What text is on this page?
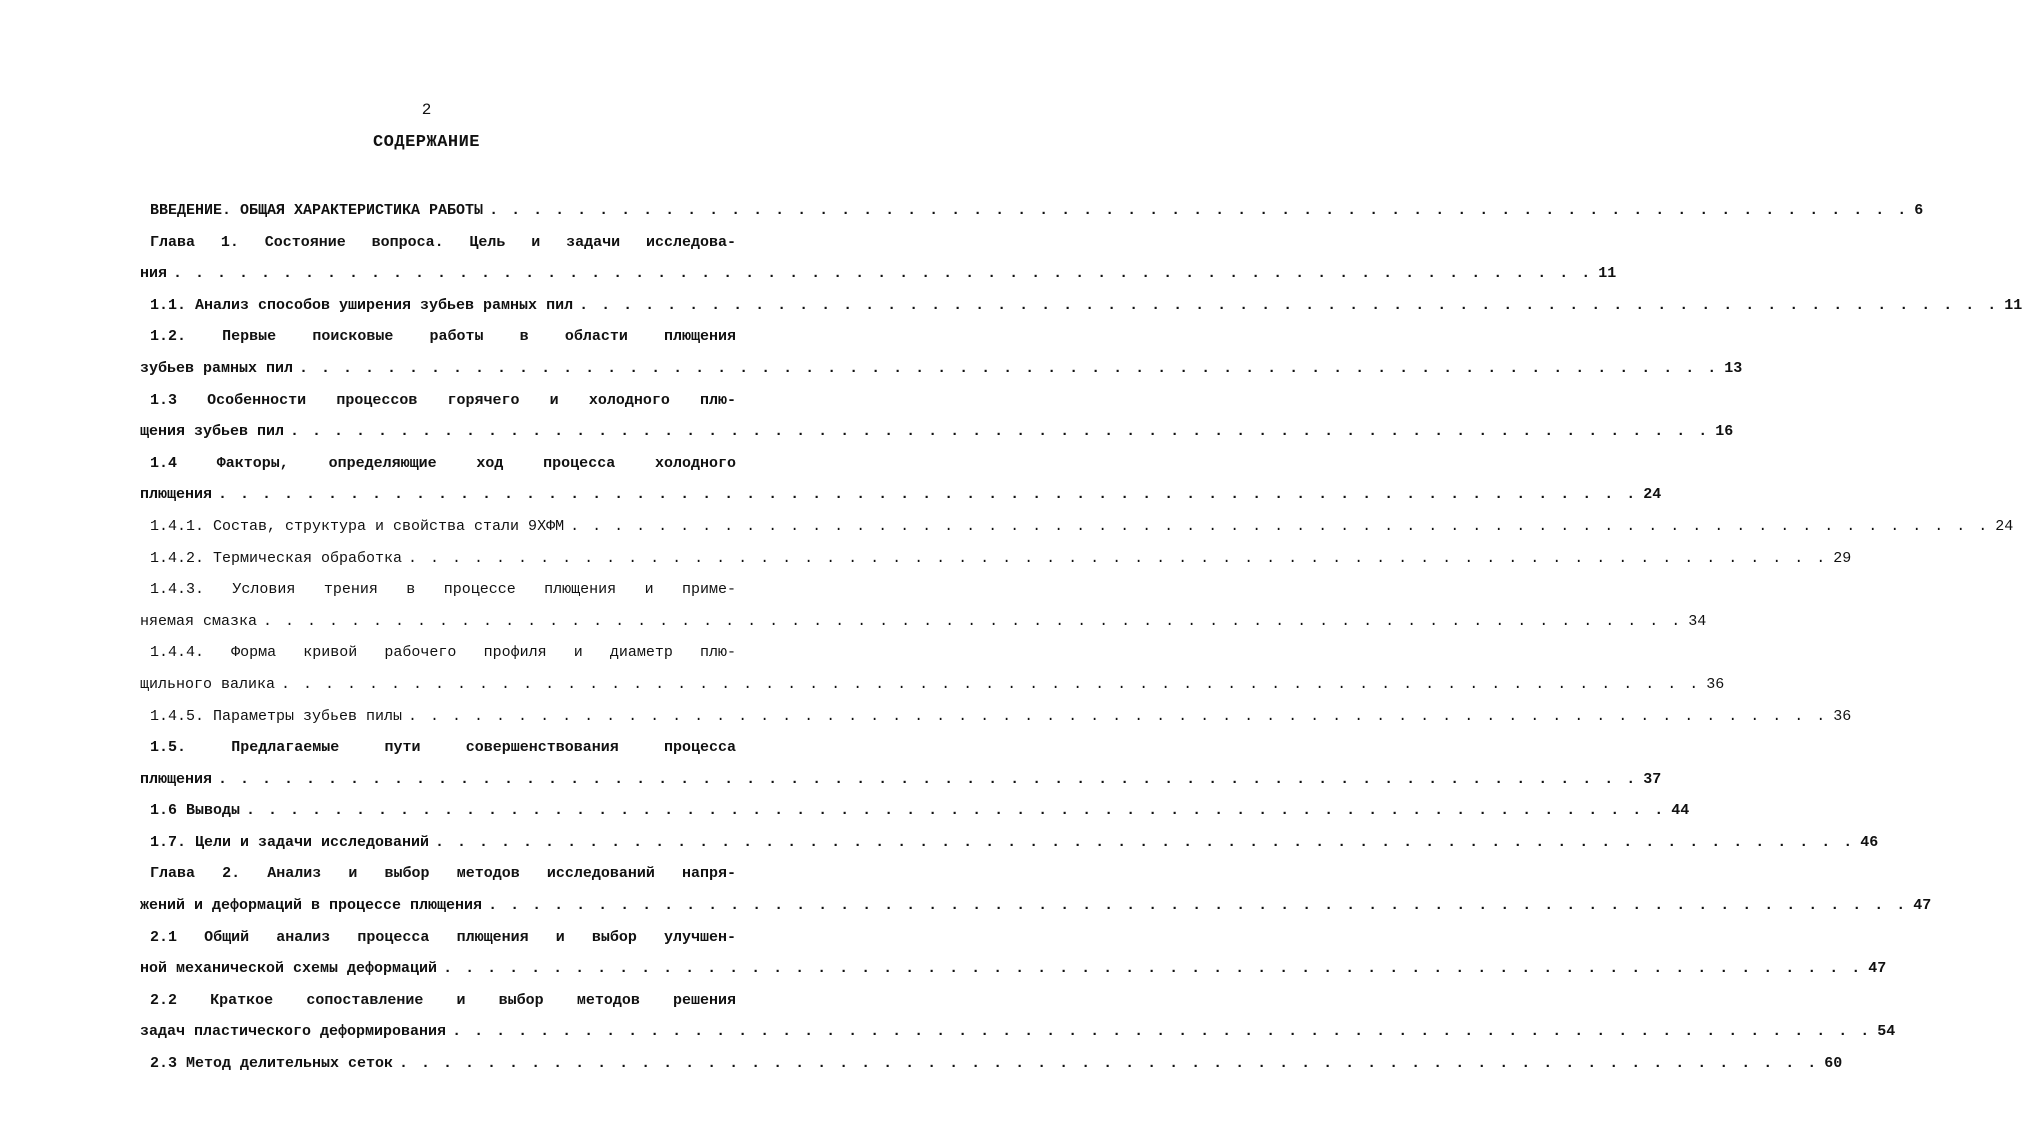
2
СОДЕРЖАНИЕ
ВВЕДЕНИЕ. ОБЩАЯ ХАРАКТЕРИСТИКА РАБОТЫ . . . . . . . . . . . . . . . . . . . . . . . . . . . . . . . . . . . . . . . . . . . . . . . . . . . . . . . . . . . . . . . . . 6
Глава 1. Состояние вопроса. Цель и задачи исследова-
ния . . . . . . . . . . . . . . . . . . . . . . . . . . . . . . . . . . . . . . . . . . . . . . . . . . . . . . . . . . . . . . . . . 11
1.1. Анализ способов уширения зубьев рамных пил . . . . . . . . . . . . . . . . . . . . . . . . . . . . . . . . . . . . . . . . . . . . . . . . . . . . . . . . . . . . . . . . . 11
1.2. Первые поисковые работы в области плющения
зубьев рамных пил . . . . . . . . . . . . . . . . . . . . . . . . . . . . . . . . . . . . . . . . . . . . . . . . . . . . . . . . . . . . . . . . . 13
1.3 Особенности процессов горячего и холодного плю-
щения зубьев пил . . . . . . . . . . . . . . . . . . . . . . . . . . . . . . . . . . . . . . . . . . . . . . . . . . . . . . . . . . . . . . . . . 16
1.4 Факторы, определяющие ход процесса холодного
плющения . . . . . . . . . . . . . . . . . . . . . . . . . . . . . . . . . . . . . . . . . . . . . . . . . . . . . . . . . . . . . . . . . 24
1.4.1. Состав, структура и свойства стали 9ХФМ . . . . . . . . . . . . . . . . . . . . . . . . . . . . . . . . . . . . . . . . . . . . . . . . . . . . . . . . . . . . . . . . . 24
1.4.2. Термическая обработка . . . . . . . . . . . . . . . . . . . . . . . . . . . . . . . . . . . . . . . . . . . . . . . . . . . . . . . . . . . . . . . . . 29
1.4.3. Условия трения в процессе плющения и приме-
няемая смазка . . . . . . . . . . . . . . . . . . . . . . . . . . . . . . . . . . . . . . . . . . . . . . . . . . . . . . . . . . . . . . . . . 34
1.4.4. Форма кривой рабочего профиля и диаметр плю-
щильного валика . . . . . . . . . . . . . . . . . . . . . . . . . . . . . . . . . . . . . . . . . . . . . . . . . . . . . . . . . . . . . . . . . 36
1.4.5. Параметры зубьев пилы . . . . . . . . . . . . . . . . . . . . . . . . . . . . . . . . . . . . . . . . . . . . . . . . . . . . . . . . . . . . . . . . . 36
1.5. Предлагаемые пути совершенствования процесса
плющения . . . . . . . . . . . . . . . . . . . . . . . . . . . . . . . . . . . . . . . . . . . . . . . . . . . . . . . . . . . . . . . . . 37
1.6 Выводы . . . . . . . . . . . . . . . . . . . . . . . . . . . . . . . . . . . . . . . . . . . . . . . . . . . . . . . . . . . . . . . . . 44
1.7. Цели и задачи исследований . . . . . . . . . . . . . . . . . . . . . . . . . . . . . . . . . . . . . . . . . . . . . . . . . . . . . . . . . . . . . . . . . 46
Глава 2. Анализ и выбор методов исследований напря-
жений и деформаций в процессе плющения . . . . . . . . . . . . . . . . . . . . . . . . . . . . . . . . . . . . . . . . . . . . . . . . . . . . . . . . . . . . . . . . . 47
2.1 Общий анализ процесса плющения и выбор улучшен-
ной механической схемы деформаций . . . . . . . . . . . . . . . . . . . . . . . . . . . . . . . . . . . . . . . . . . . . . . . . . . . . . . . . . . . . . . . . . 47
2.2 Краткое сопоставление и выбор методов решения
задач пластического деформирования . . . . . . . . . . . . . . . . . . . . . . . . . . . . . . . . . . . . . . . . . . . . . . . . . . . . . . . . . . . . . . . . . 54
2.3 Метод делительных сеток . . . . . . . . . . . . . . . . . . . . . . . . . . . . . . . . . . . . . . . . . . . . . . . . . . . . . . . . . . . . . . . . . 60
